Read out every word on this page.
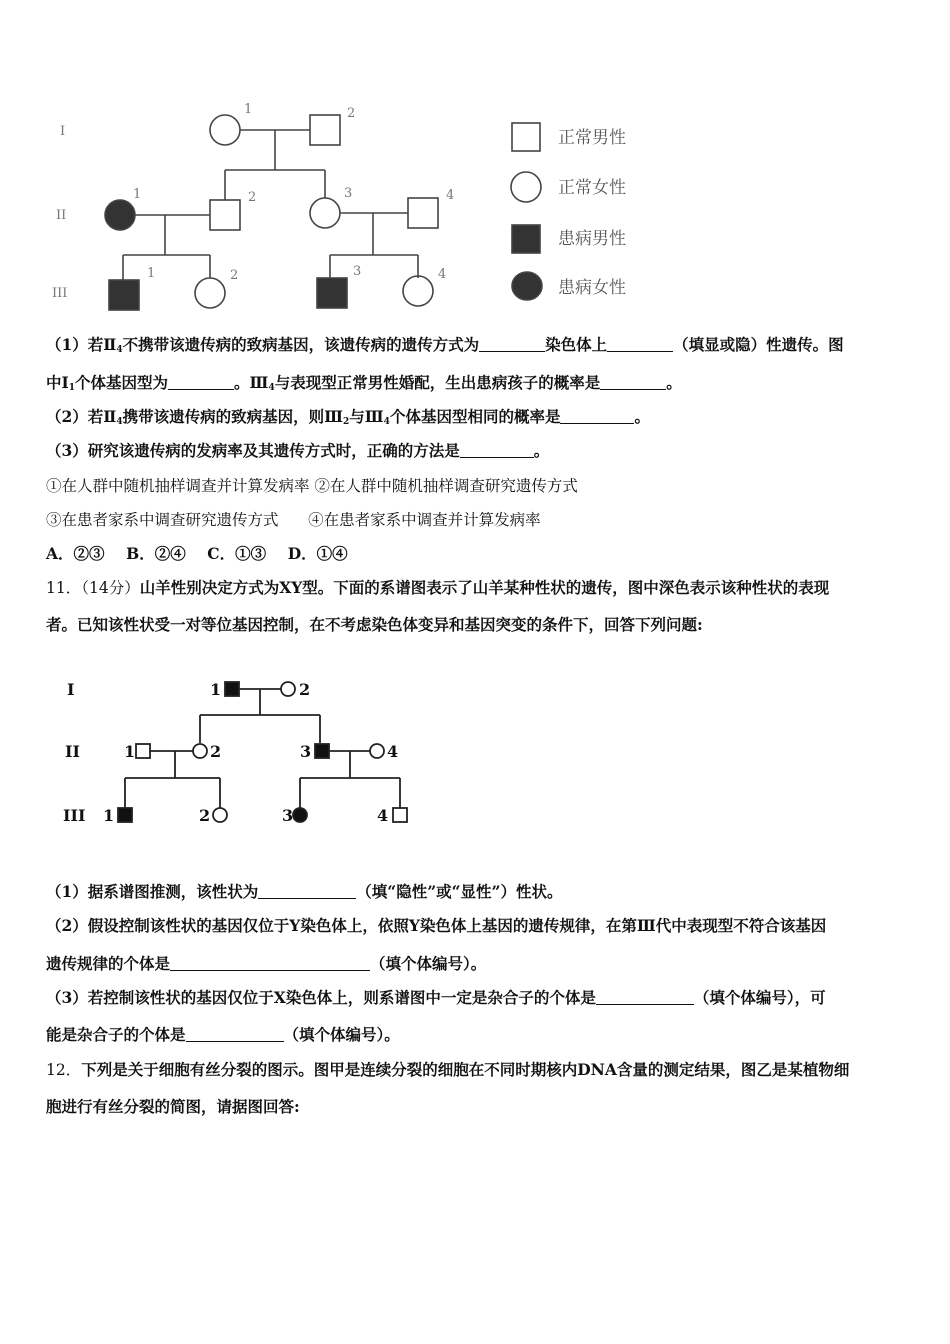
I
II
III
1	2
1	2	3	4
1	2	3	4
正常男性
正常女性
患病男性
患病女性
（1）若$Ⅱ_4$不携带该遗传病的致病基因，该遗传病的遗传方式为	染色体上	（填显或隐）性遗传。图
中$Ⅰ_1$个体基因型为	。$Ⅲ_4$与表现型正常男性婚配，生出患病孩子的概率是	。
（2）若$Ⅱ_4$携带该遗传病的致病基因，则$Ⅲ_2$与$Ⅲ_4$个体基因型相同的概率是	。
（3）研究该遗传病的发病率及其遗传方式时，正确的方法是	。
①在人群中随机抽样调查并计算发病率 ②在人群中随机抽样调查研究遗传方式
③在患者家系中调查研究遗传方式      ④在患者家系中调查并计算发病率
A．②③    B．②④    C．①③    D．①④
11．（14分）山羊性别决定方式为XY型。下面的系谱图表示了山羊某种性状的遗传，图中深色表示该种性状的表现
者。已知该性状受一对等位基因控制，在不考虑染色体变异和基因突变的条件下，回答下列问题:
I
II
III
1	2
1	2	3	4
1	2	3	4
（1）据系谱图推测，该性状为	（填“隐性”或“显性”）性状。
（2）假设控制该性状的基因仅位于Y染色体上，依照Y染色体上基因的遗传规律，在第Ⅲ代中表现型不符合该基因
遗传规律的个体是	（填个体编号）。
（3）若控制该性状的基因仅位于X染色体上，则系谱图中一定是杂合子的个体是	（填个体编号），可
能是杂合子的个体是	（填个体编号）。
12．下列是关于细胞有丝分裂的图示。图甲是连续分裂的细胞在不同时期核内DNA含量的测定结果，图乙是某植物细
胞进行有丝分裂的简图，请据图回答:
